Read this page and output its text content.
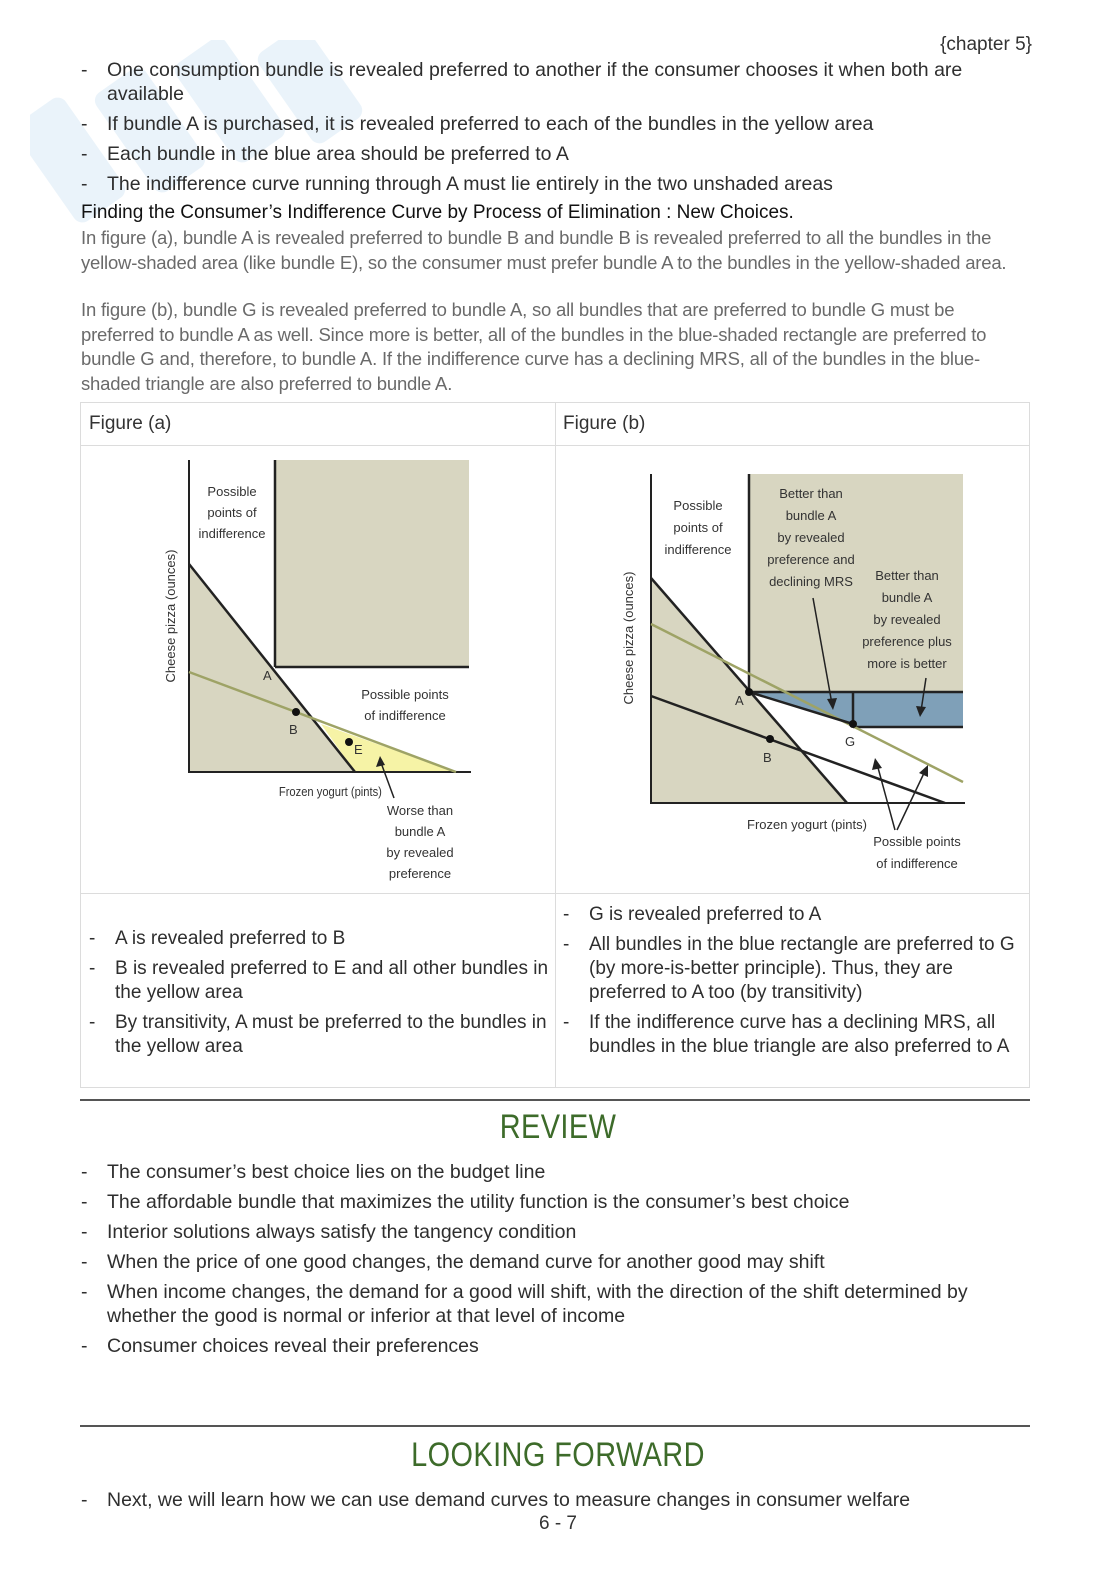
{chapter 5}
- One consumption bundle is revealed preferred to another if the consumer chooses it when both are available
- If bundle A is purchased, it is revealed preferred to each of the bundles in the yellow area
- Each bundle in the blue area should be preferred to A
- The indifference curve running through A must lie entirely in the two unshaded areas
Finding the Consumer’s Indifference Curve by Process of Elimination : New Choices.

In figure (a), bundle A is revealed preferred to bundle B and bundle B is revealed preferred to all the bundles in the yellow-shaded area (like bundle E), so the consumer must prefer bundle A to the bundles in the yellow-shaded area.

In figure (b), bundle G is revealed preferred to bundle A, so all bundles that are preferred to bundle G must be preferred to bundle A as well. Since more is better, all of the bundles in the blue-shaded rectangle are preferred to bundle G and, therefore, to bundle A. If the indifference curve has a declining MRS, all of the bundles in the blue-shaded triangle are also preferred to bundle A.

Figure (a)
A
B
E
Cheese pizza (ounces)
Frozen yogurt (pints)
Possible
points of
indifference
Possible points
of indifference
Worse than
bundle A
by revealed
preference
- A is revealed preferred to B
- B is revealed preferred to E and all other bundles in the yellow area
- By transitivity, A must be preferred to the bundles in the yellow area
Figure (b)
A
G
B
Cheese pizza (ounces)
Frozen yogurt (pints)
Possible
points of
indifference
Better than
bundle A
by revealed
preference and
declining MRS Better than
bundle A
by revealed
preference plus
more is better
Possible points
of indifference
- G is revealed preferred to A
- All bundles in the blue rectangle are preferred to G (by more-is-better principle). Thus, they are preferred to A too (by transitivity)
- If the indifference curve has a declining MRS, all bundles in the blue triangle are also preferred to A
REVIEW
- The consumer’s best choice lies on the budget line
- The affordable bundle that maximizes the utility function is the consumer’s best choice
- Interior solutions always satisfy the tangency condition
- When the price of one good changes, the demand curve for another good may shift
- When income changes, the demand for a good will shift, with the direction of the shift determined by whether the good is normal or inferior at that level of income
- Consumer choices reveal their preferences
LOOKING FORWARD
- Next, we will learn how we can use demand curves to measure changes in consumer welfare
6 - 7
